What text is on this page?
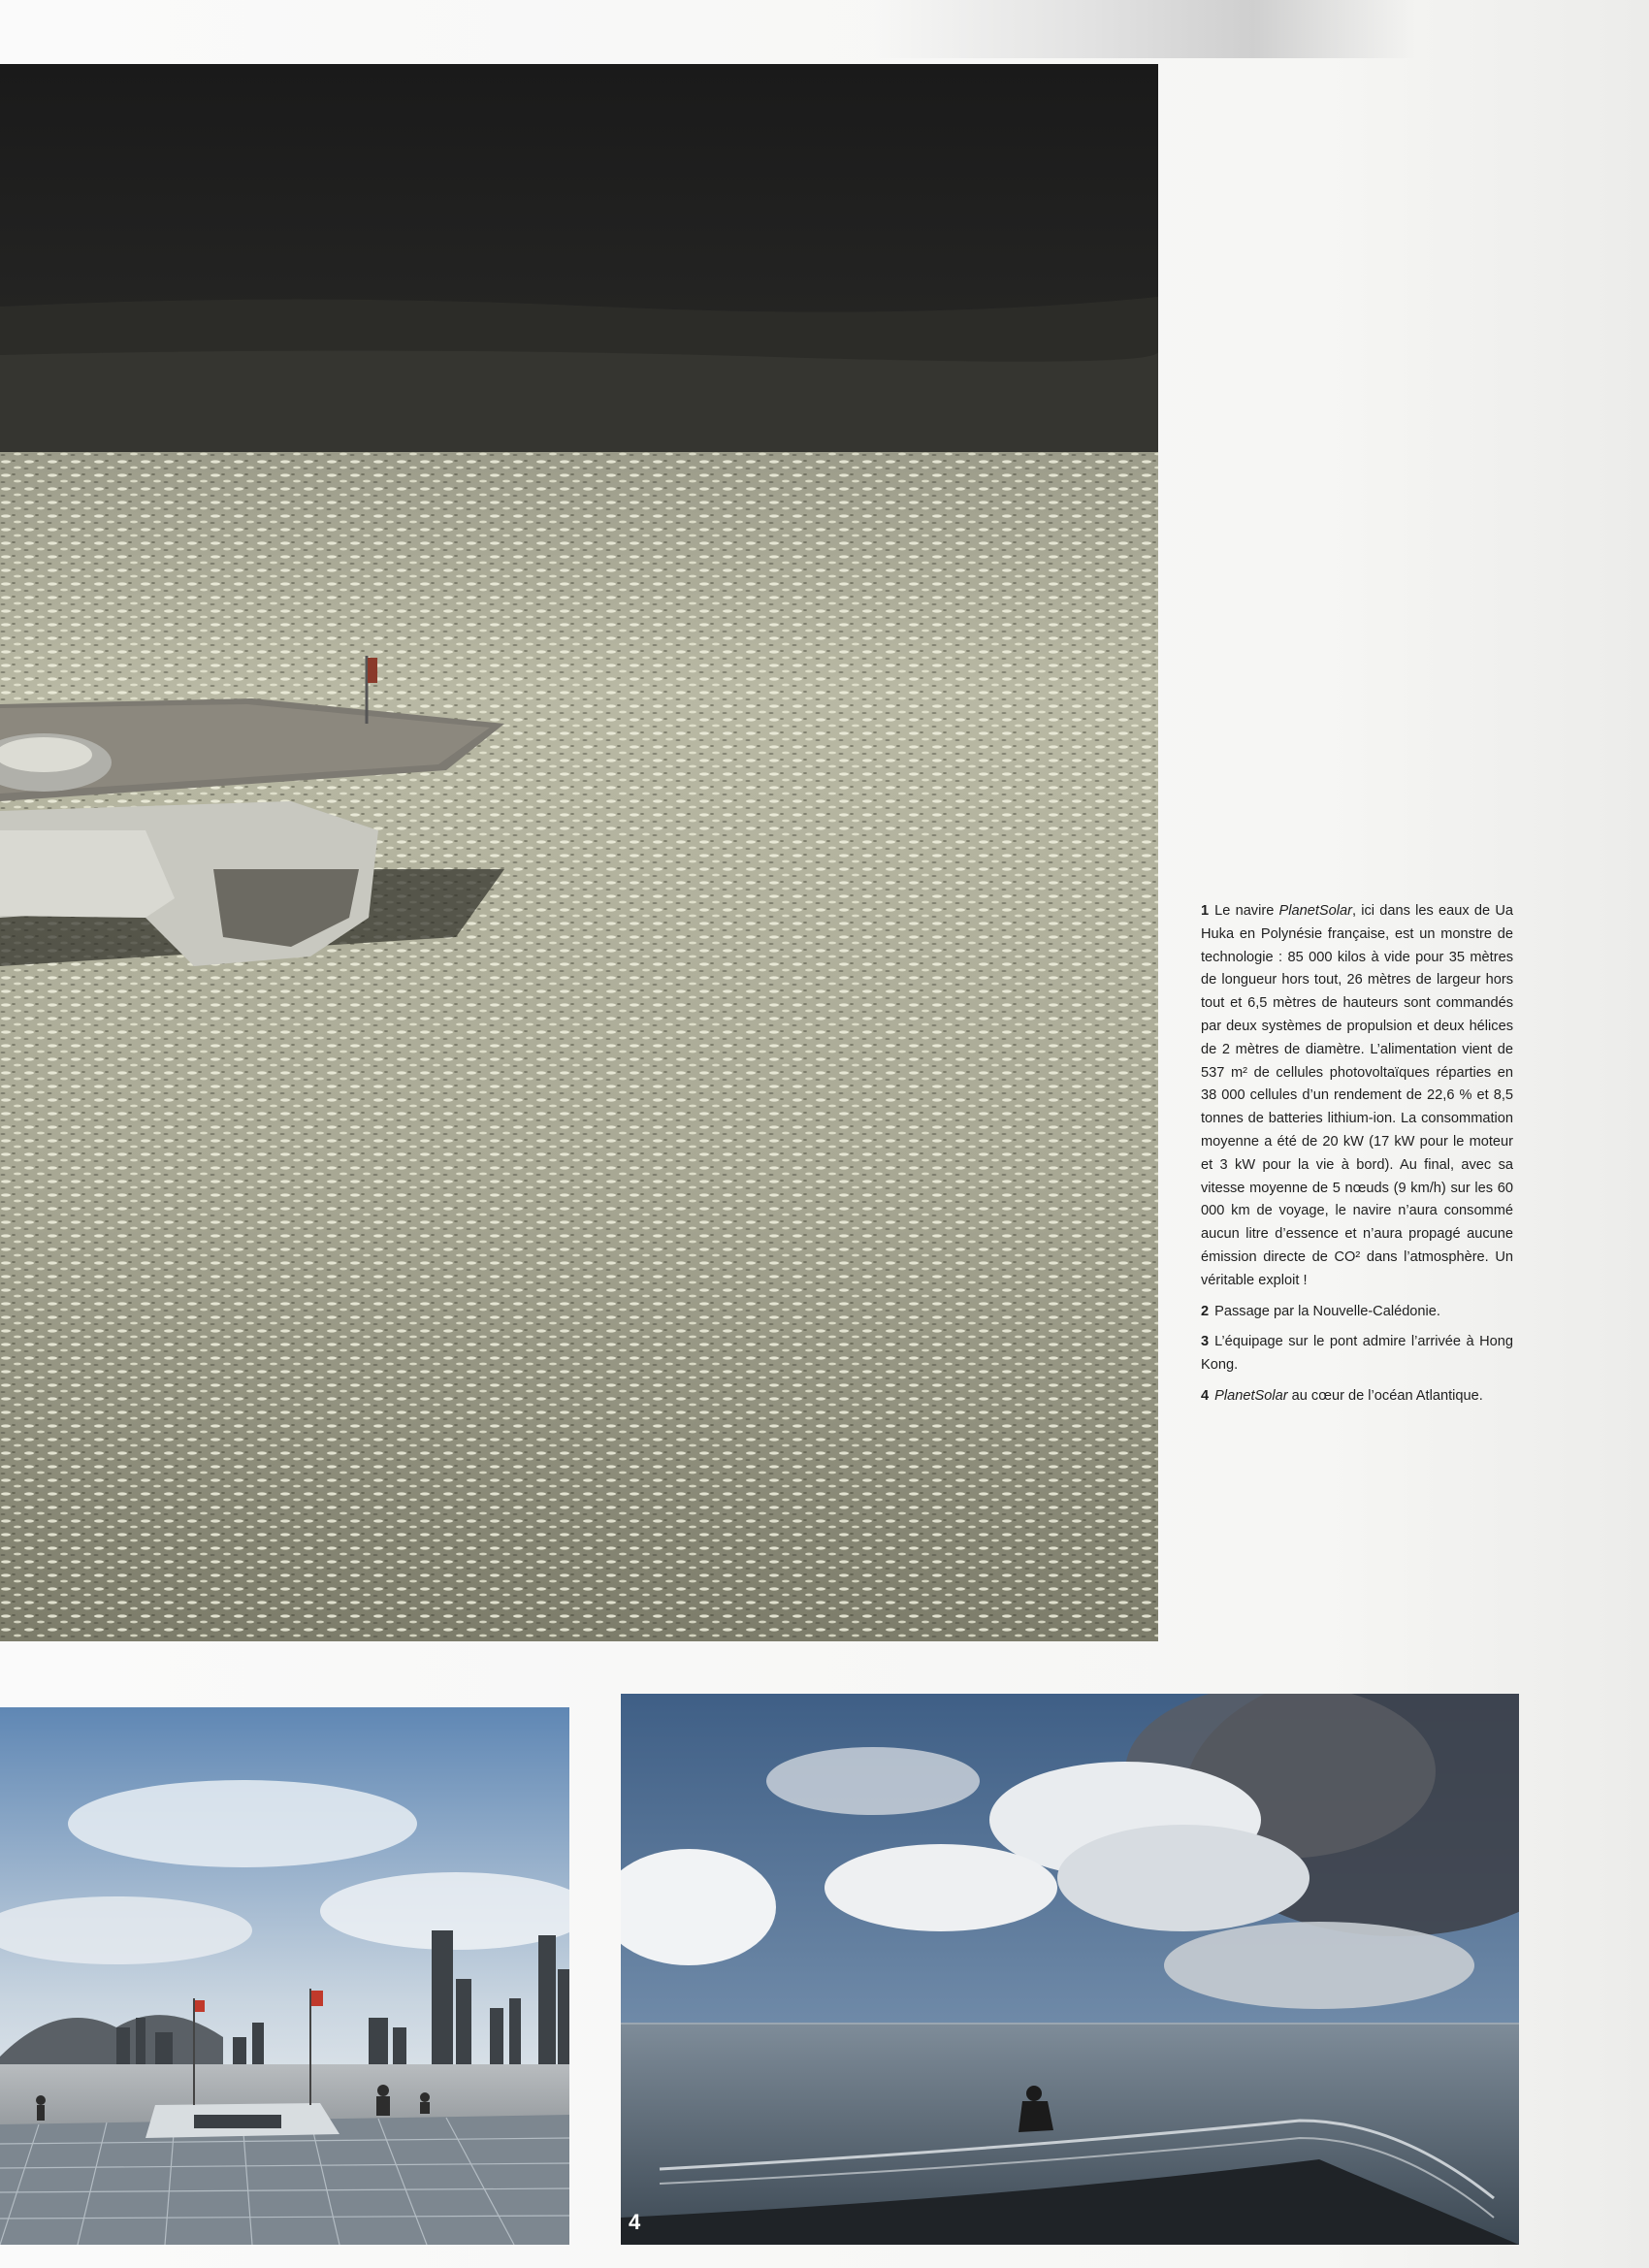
4

1 Le navire PlanetSolar, ici dans les eaux de Ua Huka en Polynésie française, est un monstre de technologie : 85 000 kilos à vide pour 35 mètres de longueur hors tout, 26 mètres de largeur hors tout et 6,5 mètres de hauteurs sont commandés par deux systèmes de propulsion et deux hélices de 2 mètres de diamètre. L’alimentation vient de 537 m² de cellules photovoltaïques réparties en 38 000 cellules d’un rendement de 22,6 % et 8,5 tonnes de batteries lithium-ion. La consommation moyenne a été de 20 kW (17 kW pour le moteur et 3 kW pour la vie à bord). Au final, avec sa vitesse moyenne de 5 nœuds (9 km/h) sur les 60 000 km de voyage, le navire n’aura consommé aucun litre d’essence et n’aura propagé aucune émission directe de CO² dans l’atmosphère. Un véritable exploit !

2 Passage par la Nouvelle-Calédonie.

3 L’équipage sur le pont admire l’arrivée à Hong Kong.

4 PlanetSolar au cœur de l’océan Atlantique.
